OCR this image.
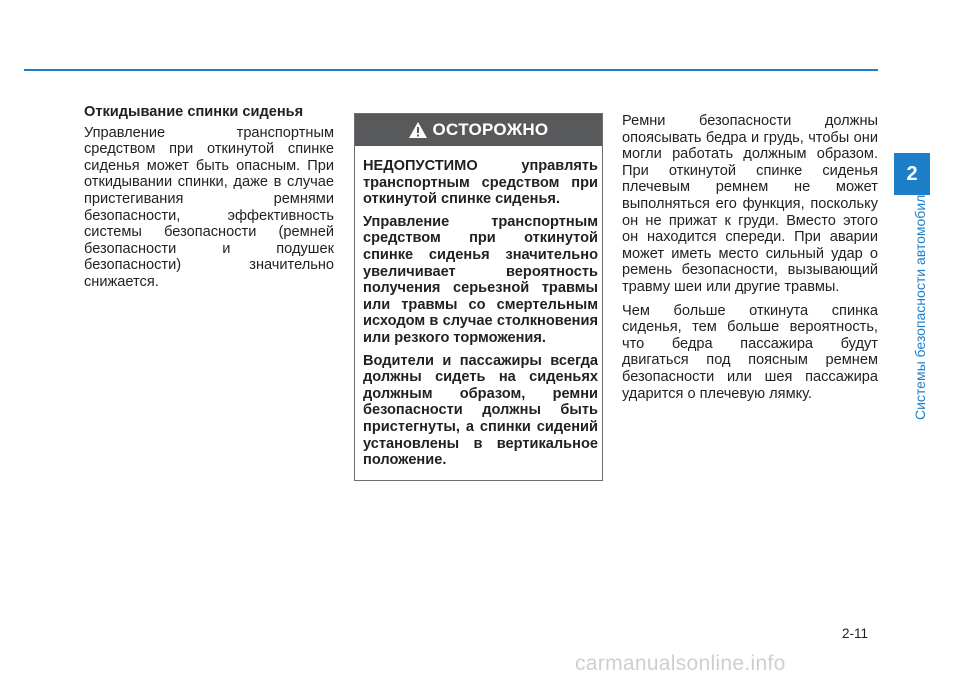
Откидывание спинки сиденья

Управление транспортным средством при откинутой спинке сиденья может быть опасным. При откидывании спинки, даже в случае пристегивания ремнями безопасности, эффективность системы безопасности (ремней безопасности и подушек безопасности) значительно снижается.

ОСТОРОЖНО

НЕДОПУСТИМО управлять транспортным средством при откинутой спинке сиденья.

Управление транспортным средством при откинутой спинке сиденья значительно увеличивает вероятность получения серьезной травмы или травмы со смертельным исходом в случае столкновения или резкого торможения.

Водители и пассажиры всегда должны сидеть на сиденьях должным образом, ремни безопасности должны быть пристегнуты, а спинки сидений установлены в вертикальное положение.

Ремни безопасности должны опоясывать бедра и грудь, чтобы они могли работать должным образом. При откинутой спинке сиденья плечевым ремнем не может выполняться его функция, поскольку он не прижат к груди. Вместо этого он находится спереди. При аварии может иметь место сильный удар о ремень безопасности, вызывающий травму шеи или другие травмы.

Чем больше откинута спинка сиденья, тем больше вероятность, что бедра пассажира будут двигаться под поясным ремнем безопасности или шея пассажира ударится о плечевую лямку.

2
Системы безопасности автомобиля
2-11
carmanualsonline.info
